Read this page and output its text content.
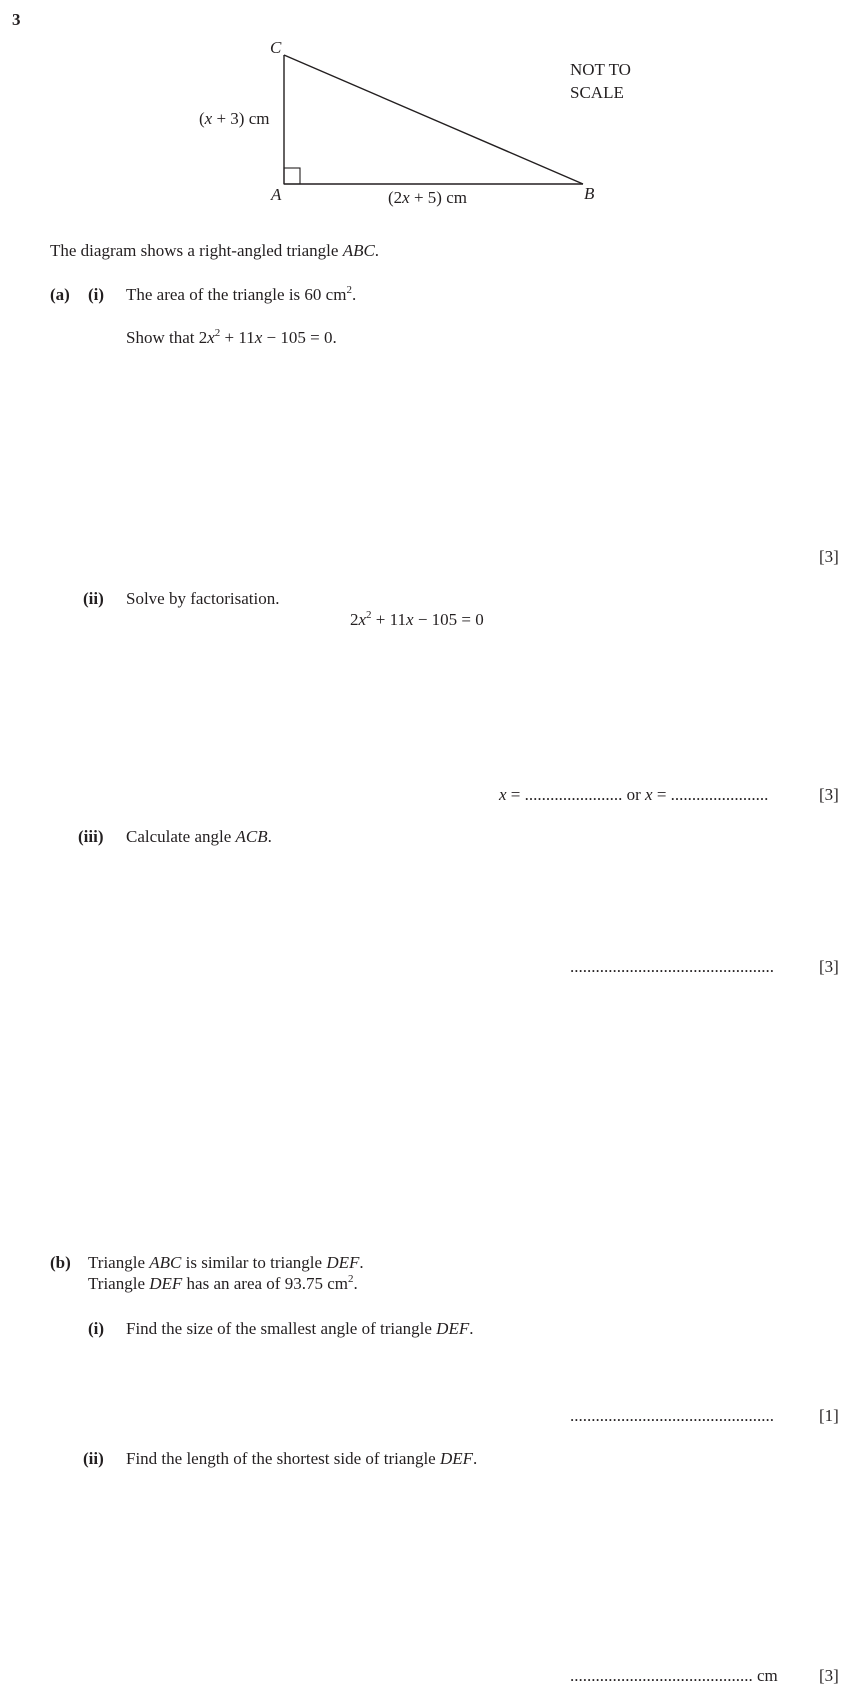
3
C
A	B
(x + 3) cm
(2x + 5) cm
NOT TO
SCALE
The diagram shows a right-angled triangle ABC.
(a) (i) The area of the triangle is 60 $cm^2$.
Show that $2x^2 + 11x - 105 = 0$.
[3]
(ii) Solve by factorisation.
$2x^2 + 11x - 105 = 0$
x = ....................... or x = .......................	[3]
(iii) Calculate angle ACB.
................................................	[3]
(b) Triangle ABC is similar to triangle DEF.
Triangle DEF has an area of 93.75 $cm^2$.
(i) Find the size of the smallest angle of triangle DEF.
................................................	[1]
(ii) Find the length of the shortest side of triangle DEF.
........................................... cm [3]
